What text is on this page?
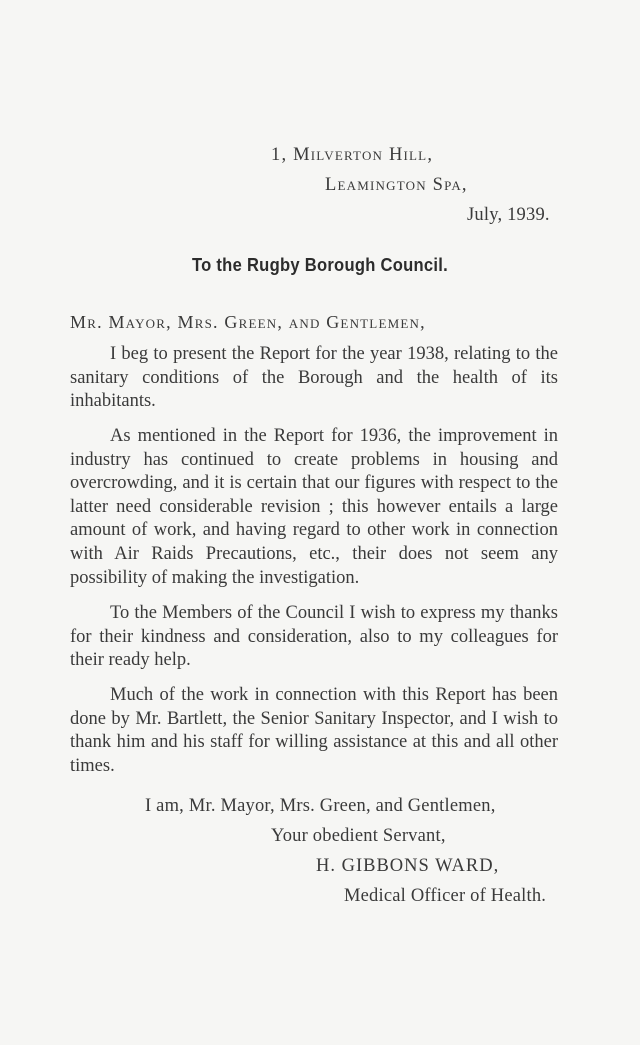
1, Milverton Hill,
Leamington Spa,
July, 1939.
To the Rugby Borough Council.
Mr. Mayor, Mrs. Green, and Gentlemen,
I beg to present the Report for the year 1938, relating to the sanitary conditions of the Borough and the health of its inhabitants.
As mentioned in the Report for 1936, the improvement in industry has continued to create problems in housing and overcrowding, and it is certain that our figures with respect to the latter need considerable revision ; this however entails a large amount of work, and having regard to other work in connection with Air Raids Precautions, etc., their does not seem any possibility of making the investigation.
To the Members of the Council I wish to express my thanks for their kindness and consideration, also to my colleagues for their ready help.
Much of the work in connection with this Report has been done by Mr. Bartlett, the Senior Sanitary Inspector, and I wish to thank him and his staff for willing assistance at this and all other times.
I am, Mr. Mayor, Mrs. Green, and Gentlemen,
Your obedient Servant,
H. GIBBONS WARD,
Medical Officer of Health.
